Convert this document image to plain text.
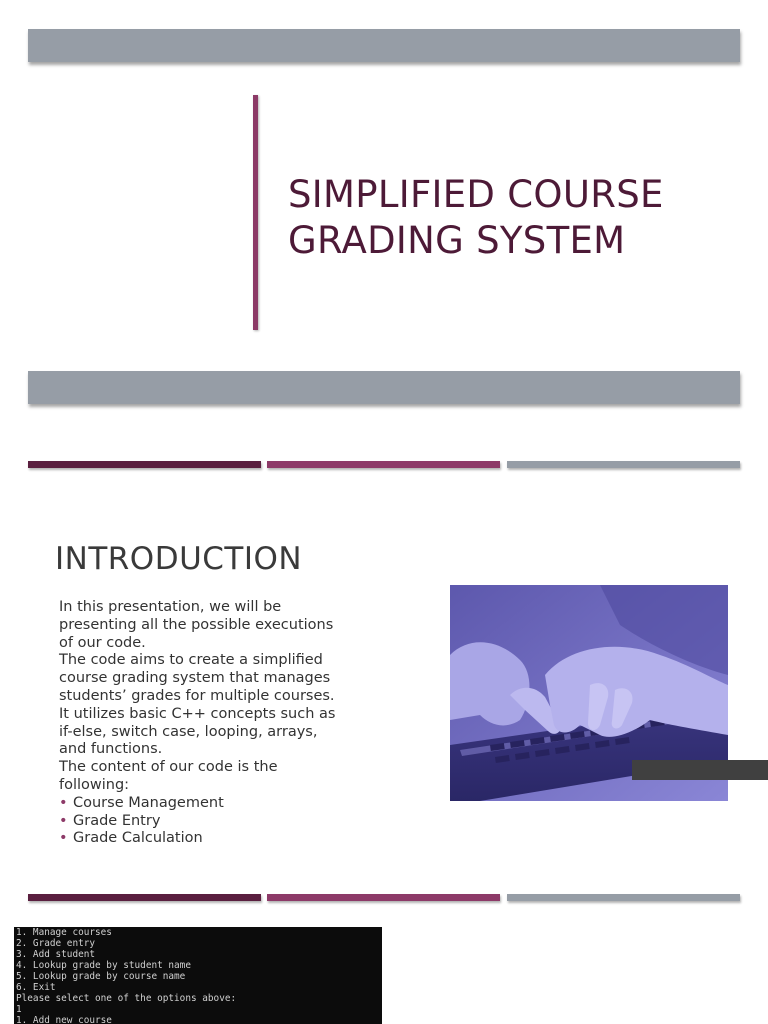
SIMPLIFIED COURSE
GRADING SYSTEM
INTRODUCTION

In this presentation, we will be presenting all the possible executions of our code.

The code aims to create a simplified course grading system that manages students’ grades for multiple courses.

It utilizes basic C++ concepts such as if-else, switch case, looping, arrays, and functions.

The content of our code is the following:

• Course Management
• Grade Entry
• Grade Calculation
1. Manage courses
2. Grade entry
3. Add student
4. Lookup grade by student name
5. Lookup grade by course name
6. Exit
Please select one of the options above:
1
1. Add new course
